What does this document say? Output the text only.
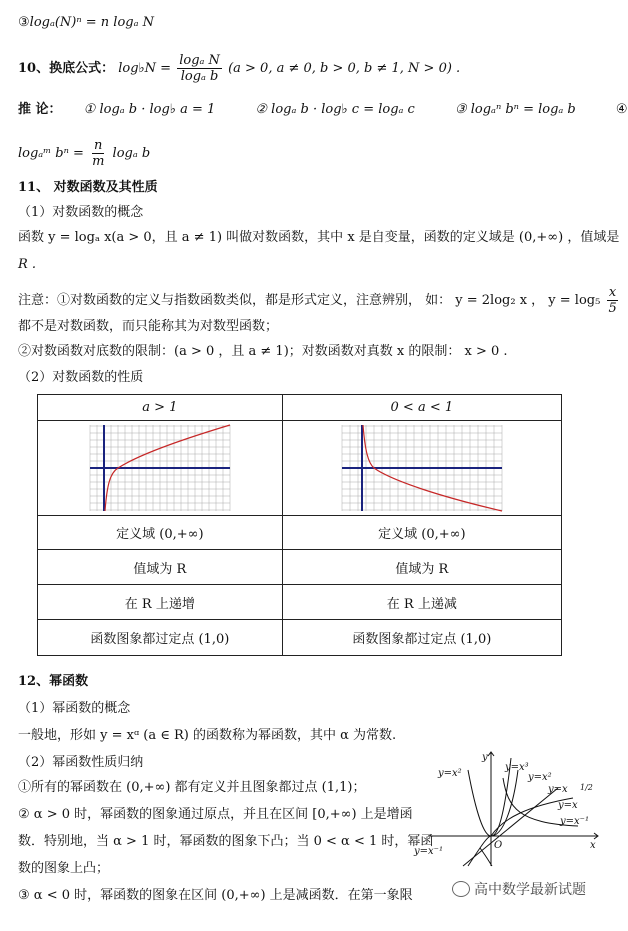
③logₐ(N)ⁿ = n logₐ N
10、换底公式： log♭N = $\frac{\text{logₐ N}}{\text{logₐ b}} (a > 0$, a ≠ 0, b > 0, b ≠ 1, N > 0) .
推 论： ① logₐ b · log♭ a = 1	② logₐ b · log♭ c = logₐ c	③ logₐⁿ bⁿ = logₐ b	④
logₐᵐ $b^n = \frac{n}{m}$ logₐ b
11、 对数函数及其性质
（1）对数函数的概念
函数 y = logₐ x(a > 0，且 a ≠ 1) 叫做对数函数，其中 x 是自变量，函数的定义域是 (0,+∞) ，值域是
R .
注意：①对数函数的定义与指数函数类似，都是形式定义，注意辨别， 如： y = 2log₂ x ， $y = \log_5 \frac{x}{5}$
都不是对数函数，而只能称其为对数型函数；
②对数函数对底数的限制：(a > 0 ，且 a ≠ 1)；对数函数对真数 x 的限制： x > 0 .
（2）对数函数的性质
a > 1	0 < a < 1

定义域 (0,+∞)	定义域 (0,+∞)
值域为 R	值域为 R
在 R 上递增	在 R 上递减
函数图象都过定点 (1,0)	函数图象都过定点 (1,0)
12、幂函数
（1）幂函数的概念
一般地，形如 y = xᵅ (a ∈ R) 的函数称为幂函数，其中 α 为常数.
（2）幂函数性质归纳
①所有的幂函数在 (0,+∞) 都有定义并且图象都过点 (1,1)；
② α > 0 时，幂函数的图象通过原点，并且在区间 [0,+∞) 上是增函
数．特别地，当 α > 1 时，幂函数的图象下凸；当 0 < α < 1 时，幂函
数的图象上凸；
③ α < 0 时，幂函数的图象在区间 (0,+∞) 上是减函数．在第一象限
y=x²
y=x³
y=x²
y=x 1/2
y=x
y=x⁻¹
y=x⁻¹
y
x
O
高中数学最新试题
